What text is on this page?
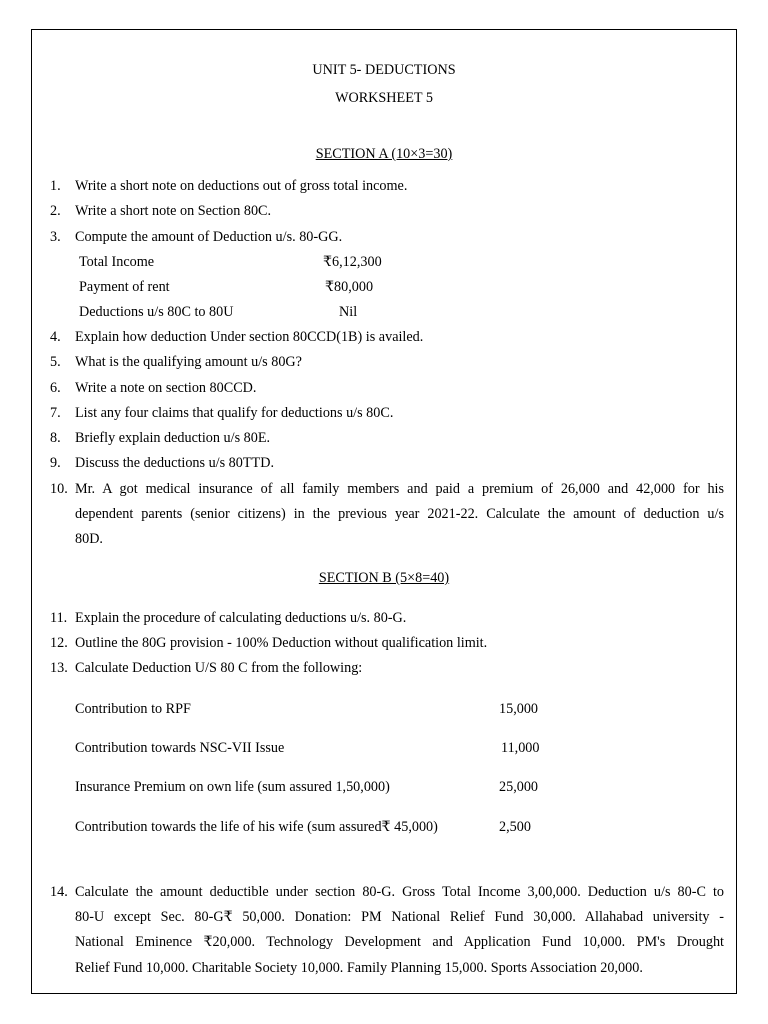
UNIT 5- DEDUCTIONS
WORKSHEET 5
SECTION A (10×3=30)
1. Write a short note on deductions out of gross total income.
2. Write a short note on Section 80C.
3. Compute the amount of Deduction u/s. 80-GG.
Total Income	₹6,12,300
Payment of rent	₹80,000
Deductions u/s 80C to 80U	Nil
4. Explain how deduction Under section 80CCD(1B) is availed.
5. What is the qualifying amount u/s 80G?
6. Write a note on section 80CCD.
7. List any four claims that qualify for deductions u/s 80C.
8. Briefly explain deduction u/s 80E.
9. Discuss the deductions u/s 80TTD.
10. Mr. A got medical insurance of all family members and paid a premium of 26,000 and 42,000 for his
dependent parents (senior citizens) in the previous year 2021-22. Calculate the amount of deduction u/s
80D.
SECTION B (5×8=40)
11. Explain the procedure of calculating deductions u/s. 80-G.
12. Outline the 80G provision - 100% Deduction without qualification limit.
13. Calculate Deduction U/S 80 C from the following:
Contribution to RPF	15,000
Contribution towards NSC-VII Issue	11,000
Insurance Premium on own life (sum assured 1,50,000)	25,000
Contribution towards the life of his wife (sum assured₹ 45,000)	2,500
14. Calculate the amount deductible under section 80-G. Gross Total Income 3,00,000. Deduction u/s 80-C to
80-U except Sec. 80-G₹ 50,000. Donation: PM National Relief Fund 30,000. Allahabad university -
National Eminence ₹20,000. Technology Development and Application Fund 10,000. PM's Drought
Relief Fund 10,000. Charitable Society 10,000. Family Planning 15,000. Sports Association 20,000.
